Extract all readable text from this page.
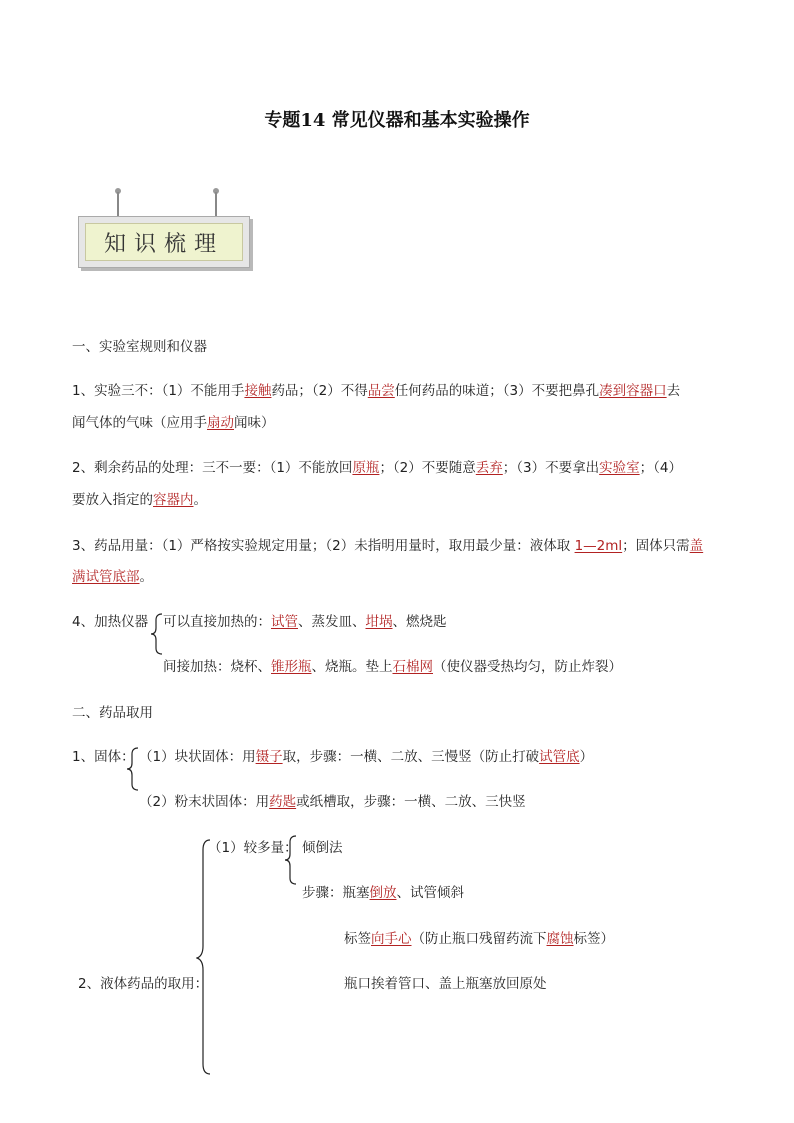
专题14 常见仪器和基本实验操作
知识梳理
一、实验室规则和仪器
1、实验三不：（1）不能用手接触药品；（2）不得品尝任何药品的味道；（3）不要把鼻孔凑到容器口去
闻气体的气味（应用手扇动闻味）
2、剩余药品的处理：三不一要：（1）不能放回原瓶；（2）不要随意丢弃；（3）不要拿出实验室；（4）
要放入指定的容器内。
3、药品用量：（1）严格按实验规定用量；（2）未指明用量时，取用最少量：液体取 1—2ml；固体只需盖
满试管底部。
4、加热仪器 可以直接加热的：试管、蒸发皿、坩埚、燃烧匙
间接加热：烧杯、锥形瓶、烧瓶。垫上石棉网（使仪器受热均匀，防止炸裂）
二、药品取用
1、固体： （1）块状固体：用镊子取，步骤：一横、二放、三慢竖（防止打破试管底）
（2）粉末状固体：用药匙或纸槽取，步骤：一横、二放、三快竖
（1）较多量： 倾倒法
步骤：瓶塞倒放、试管倾斜
标签向手心（防止瓶口残留药流下腐蚀标签）
2、液体药品的取用：	瓶口挨着管口、盖上瓶塞放回原处
